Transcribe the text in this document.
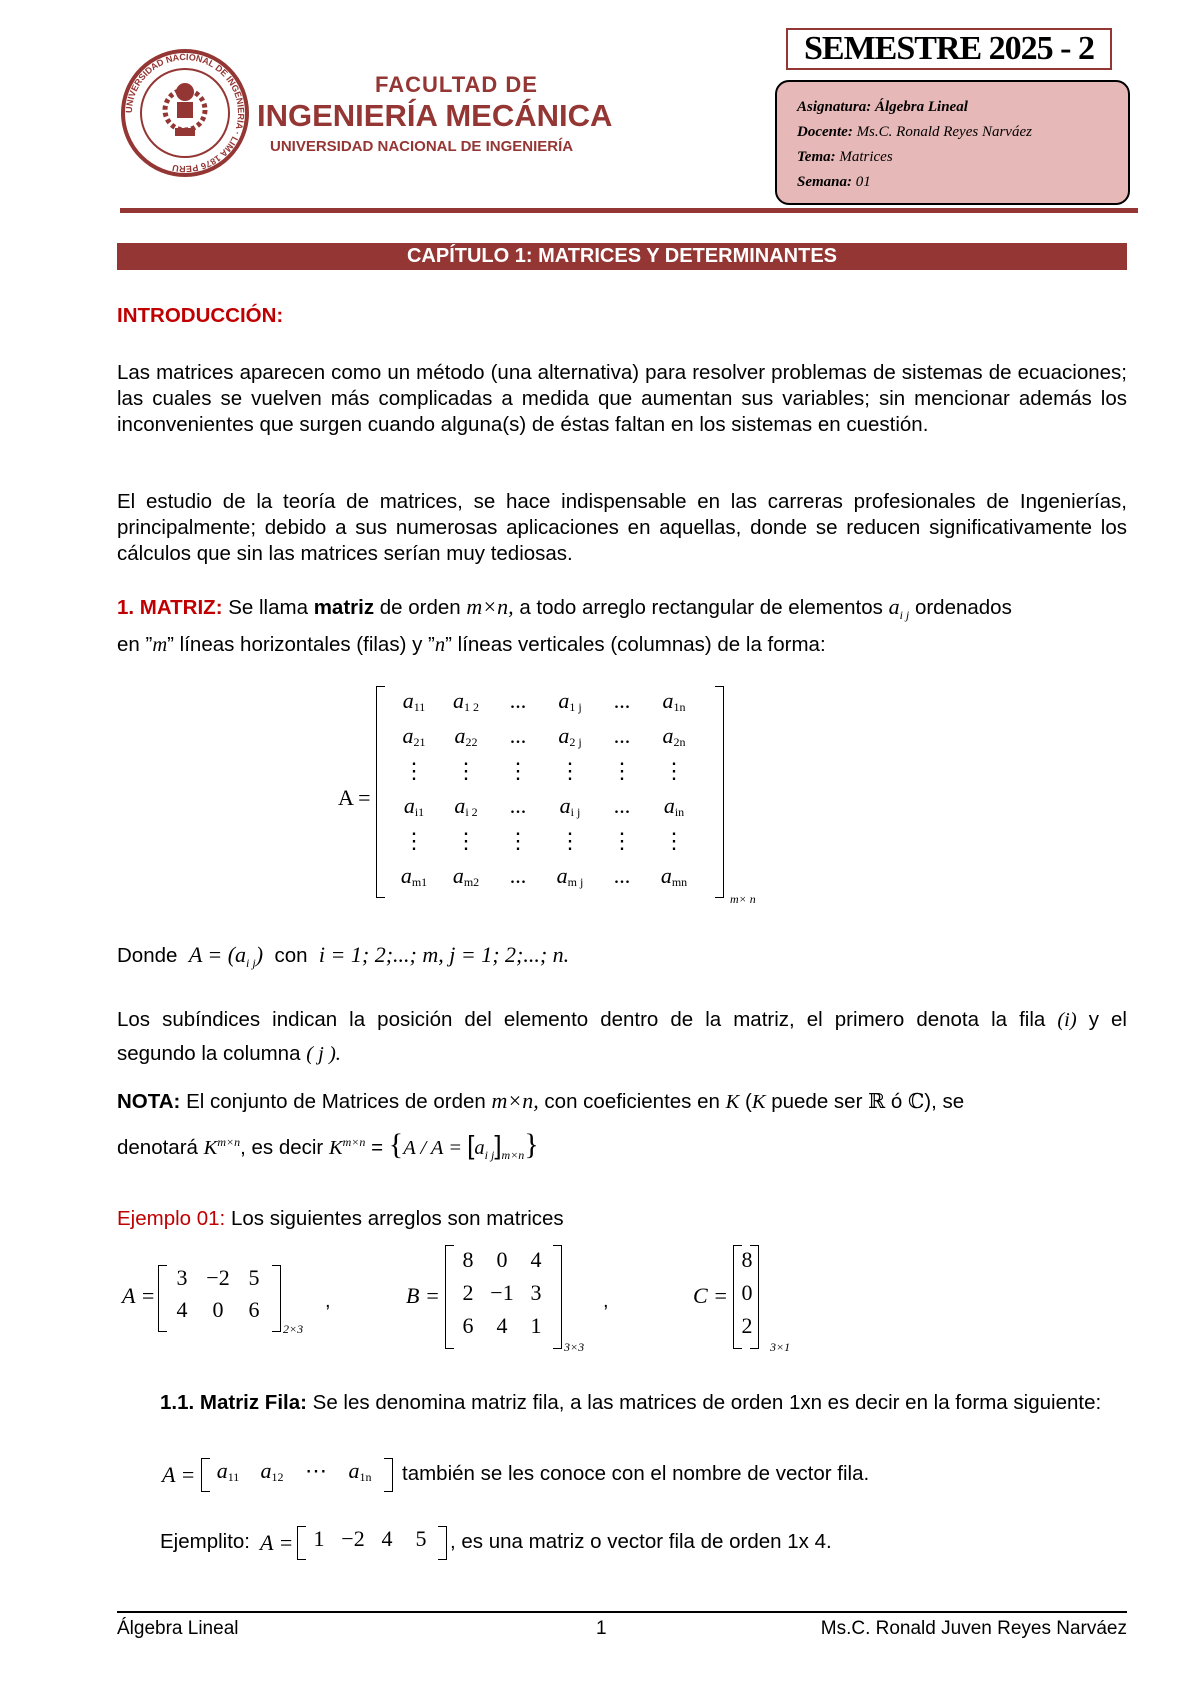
UNIVERSIDAD NACIONAL DE INGENIERÍA · LIMA 1876 PERÚ
FACULTAD DE
INGENIERÍA MECÁNICA
UNIVERSIDAD NACIONAL DE INGENIERÍA
SEMESTRE 2025 - 2
Asignatura: Álgebra Lineal
Docente: Ms.C. Ronald Reyes Narváez
Tema: Matrices
Semana: 01
CAPÍTULO 1: MATRICES Y DETERMINANTES
INTRODUCCIÓN:
Las matrices aparecen como un método (una alternativa) para resolver problemas de sistemas de ecuaciones; las cuales se vuelven más complicadas a medida que aumentan sus variables; sin mencionar además los inconvenientes que surgen cuando alguna(s) de éstas faltan en los sistemas en cuestión.
El estudio de la teoría de matrices, se hace indispensable en las carreras profesionales de Ingenierías, principalmente; debido a sus numerosas aplicaciones en aquellas, donde se reducen significativamente los cálculos que sin las matrices serían muy tediosas.
1. MATRIZ: Se llama matriz de orden m×n, a todo arreglo rectangular de elementos $a_{i j}$ ordenados
en ”m” líneas horizontales (filas) y ”n” líneas verticales (columnas) de la forma:
A =
m× n
$a_{11}$	$a_{1 2}$	...	$a_{1 j}$	...	$a_{1n}$
$a_{21}$	$a_{22}$	...	$a_{2 j}$	...	$a_{2n}$
⋮	⋮	⋮	⋮	⋮	⋮
$a_{i1}$	$a_{i 2}$	...	$a_{i j}$	...	$a_{in}$
⋮	⋮	⋮	⋮	⋮	⋮
$a_{m1}$	$a_{m2}$	...	$a_{m j}$	...	$a_{mn}$
Donde $A = (a_{i j})$ con i = 1; 2;...; m, j = 1; 2;...; n.
Los subíndices indican la posición del elemento dentro de la matriz, el primero denota la fila (i) y el
segundo la columna ( j ).
NOTA: El conjunto de Matrices de orden m×n, con coeficientes en K (K puede ser ℝ ó ℂ), se
denotará $K^{m\times n}$, es decir $K^{m\times n} = \{A / A = [a_{i j}]_{m\times n}\}$
Ejemplo 01: Los siguientes arreglos son matrices
A =
2×3
3 −2 5
4	0	6	,	B =
3×3
8	0	4
2 −1 3
6	4	1
,	C =
3×1
8
0
2
1.1. Matriz Fila: Se les denomina matriz fila, a las matrices de orden 1xn es decir en la forma siguiente:
$A = a_{11}$ $a_{12}$ ⋯ $a_{1n}$	también se les conoce con el nombre de vector fila.
Ejemplito: A = 1 −2 4	5	, es una matriz o vector fila de orden 1x 4.
Álgebra Lineal	1	Ms.C. Ronald Juven Reyes Narváez
